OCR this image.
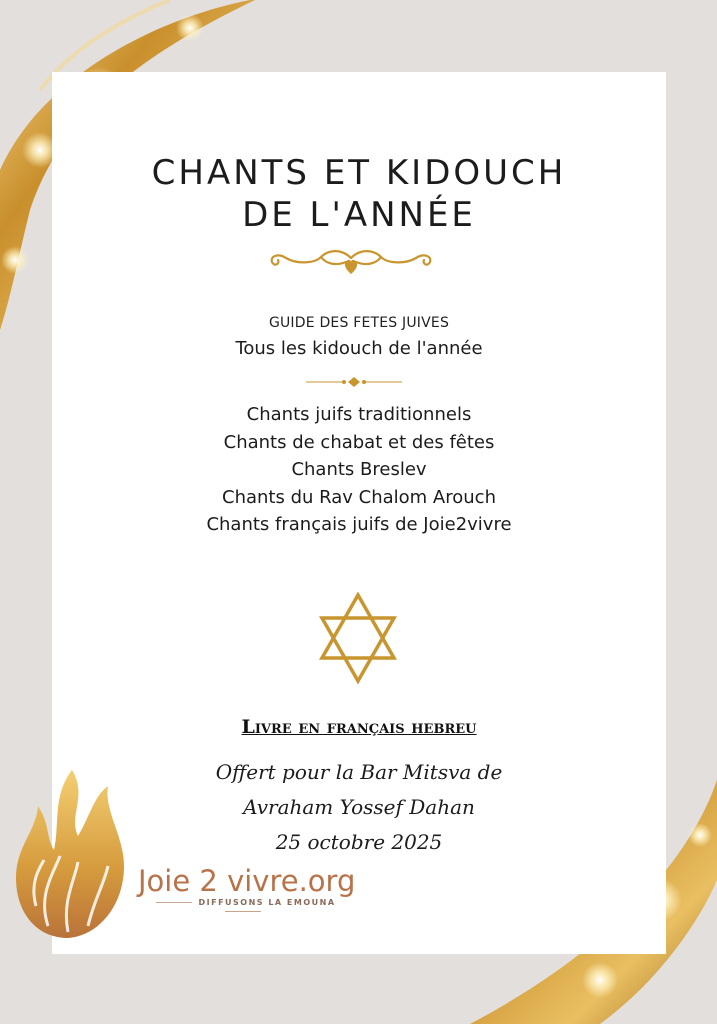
CHANTS ET KIDOUCH
DE L'ANNÉE
GUIDE DES FETES JUIVES
Tous les kidouch de l'année
Chants juifs traditionnels
Chants de chabat et des fêtes
Chants Breslev
Chants du Rav Chalom Arouch
Chants français juifs de Joie2vivre
Livre en français hebreu
Offert pour la Bar Mitsva de
Avraham Yossef Dahan
25 octobre 2025
Joie 2 vivre.org
DIFFUSONS LA EMOUNA
